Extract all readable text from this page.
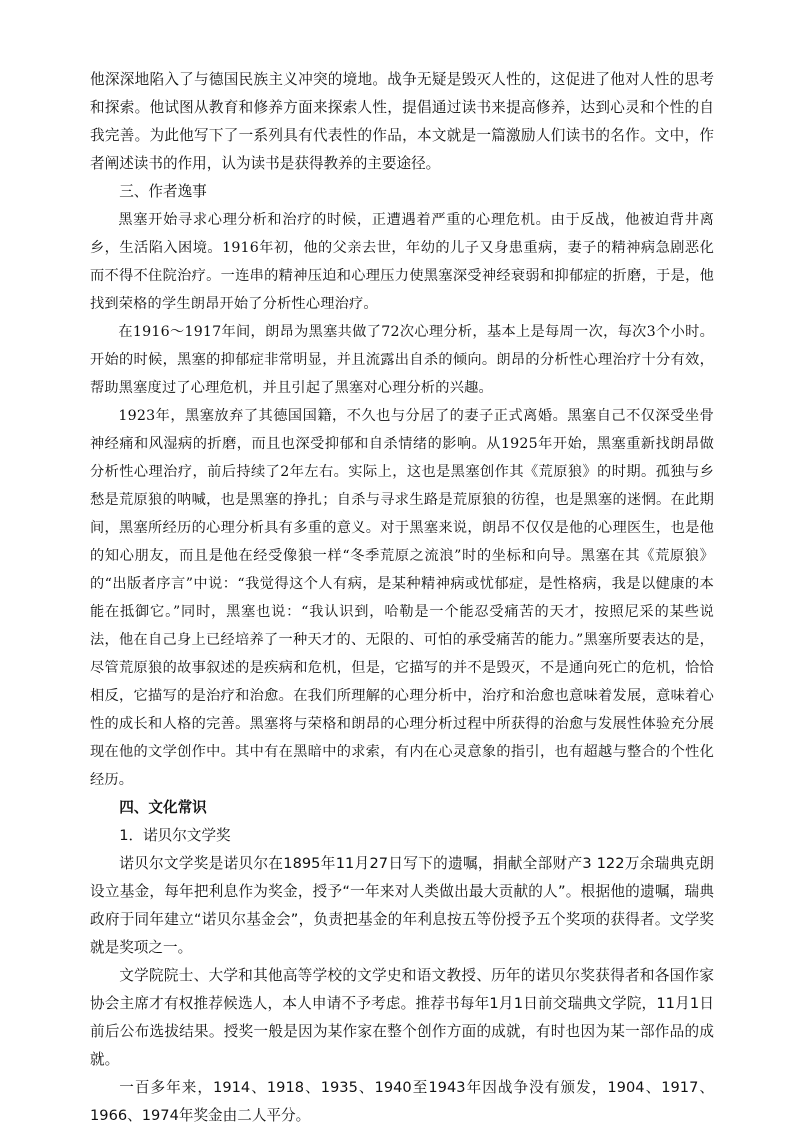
他深深地陷入了与德国民族主义冲突的境地。战争无疑是毁灭人性的，这促进了他对人性的思考和探索。他试图从教育和修养方面来探索人性，提倡通过读书来提高修养，达到心灵和个性的自我完善。为此他写下了一系列具有代表性的作品，本文就是一篇激励人们读书的名作。文中，作者阐述读书的作用，认为读书是获得教养的主要途径。

三、作者逸事

黑塞开始寻求心理分析和治疗的时候，正遭遇着严重的心理危机。由于反战，他被迫背井离乡，生活陷入困境。1916年初，他的父亲去世，年幼的儿子又身患重病，妻子的精神病急剧恶化而不得不住院治疗。一连串的精神压迫和心理压力使黑塞深受神经衰弱和抑郁症的折磨，于是，他找到荣格的学生朗昂开始了分析性心理治疗。

在1916～1917年间，朗昂为黑塞共做了72次心理分析，基本上是每周一次，每次3个小时。开始的时候，黑塞的抑郁症非常明显，并且流露出自杀的倾向。朗昂的分析性心理治疗十分有效，帮助黑塞度过了心理危机，并且引起了黑塞对心理分析的兴趣。

1923年，黑塞放弃了其德国国籍，不久也与分居了的妻子正式离婚。黑塞自己不仅深受坐骨神经痛和风湿病的折磨，而且也深受抑郁和自杀情绪的影响。从1925年开始，黑塞重新找朗昂做分析性心理治疗，前后持续了2年左右。实际上，这也是黑塞创作其《荒原狼》的时期。孤独与乡愁是荒原狼的呐喊，也是黑塞的挣扎；自杀与寻求生路是荒原狼的彷徨，也是黑塞的迷惘。在此期间，黑塞所经历的心理分析具有多重的意义。对于黑塞来说，朗昂不仅仅是他的心理医生，也是他的知心朋友，而且是他在经受像狼一样“冬季荒原之流浪”时的坐标和向导。黑塞在其《荒原狼》的“出版者序言”中说：“我觉得这个人有病，是某种精神病或忧郁症，是性格病，我是以健康的本能在抵御它。”同时，黑塞也说：“我认识到，哈勒是一个能忍受痛苦的天才，按照尼采的某些说法，他在自己身上已经培养了一种天才的、无限的、可怕的承受痛苦的能力。”黑塞所要表达的是，尽管荒原狼的故事叙述的是疾病和危机，但是，它描写的并不是毁灭，不是通向死亡的危机，恰恰相反，它描写的是治疗和治愈。在我们所理解的心理分析中，治疗和治愈也意味着发展，意味着心性的成长和人格的完善。黑塞将与荣格和朗昂的心理分析过程中所获得的治愈与发展性体验充分展现在他的文学创作中。其中有在黑暗中的求索，有内在心灵意象的指引，也有超越与整合的个性化经历。

四、文化常识

1．诺贝尔文学奖

诺贝尔文学奖是诺贝尔在1895年11月27日写下的遗嘱，捐献全部财产3 122万余瑞典克朗设立基金，每年把利息作为奖金，授予“一年来对人类做出最大贡献的人”。根据他的遗嘱，瑞典政府于同年建立“诺贝尔基金会”，负责把基金的年利息按五等份授予五个奖项的获得者。文学奖就是奖项之一。

文学院院士、大学和其他高等学校的文学史和语文教授、历年的诺贝尔奖获得者和各国作家协会主席才有权推荐候选人，本人申请不予考虑。推荐书每年1月1日前交瑞典文学院，11月1日前后公布选拔结果。授奖一般是因为某作家在整个创作方面的成就，有时也因为某一部作品的成就。

一百多年来，1914、1918、1935、1940至1943年因战争没有颁发，1904、1917、1966、1974年奖金由二人平分。
